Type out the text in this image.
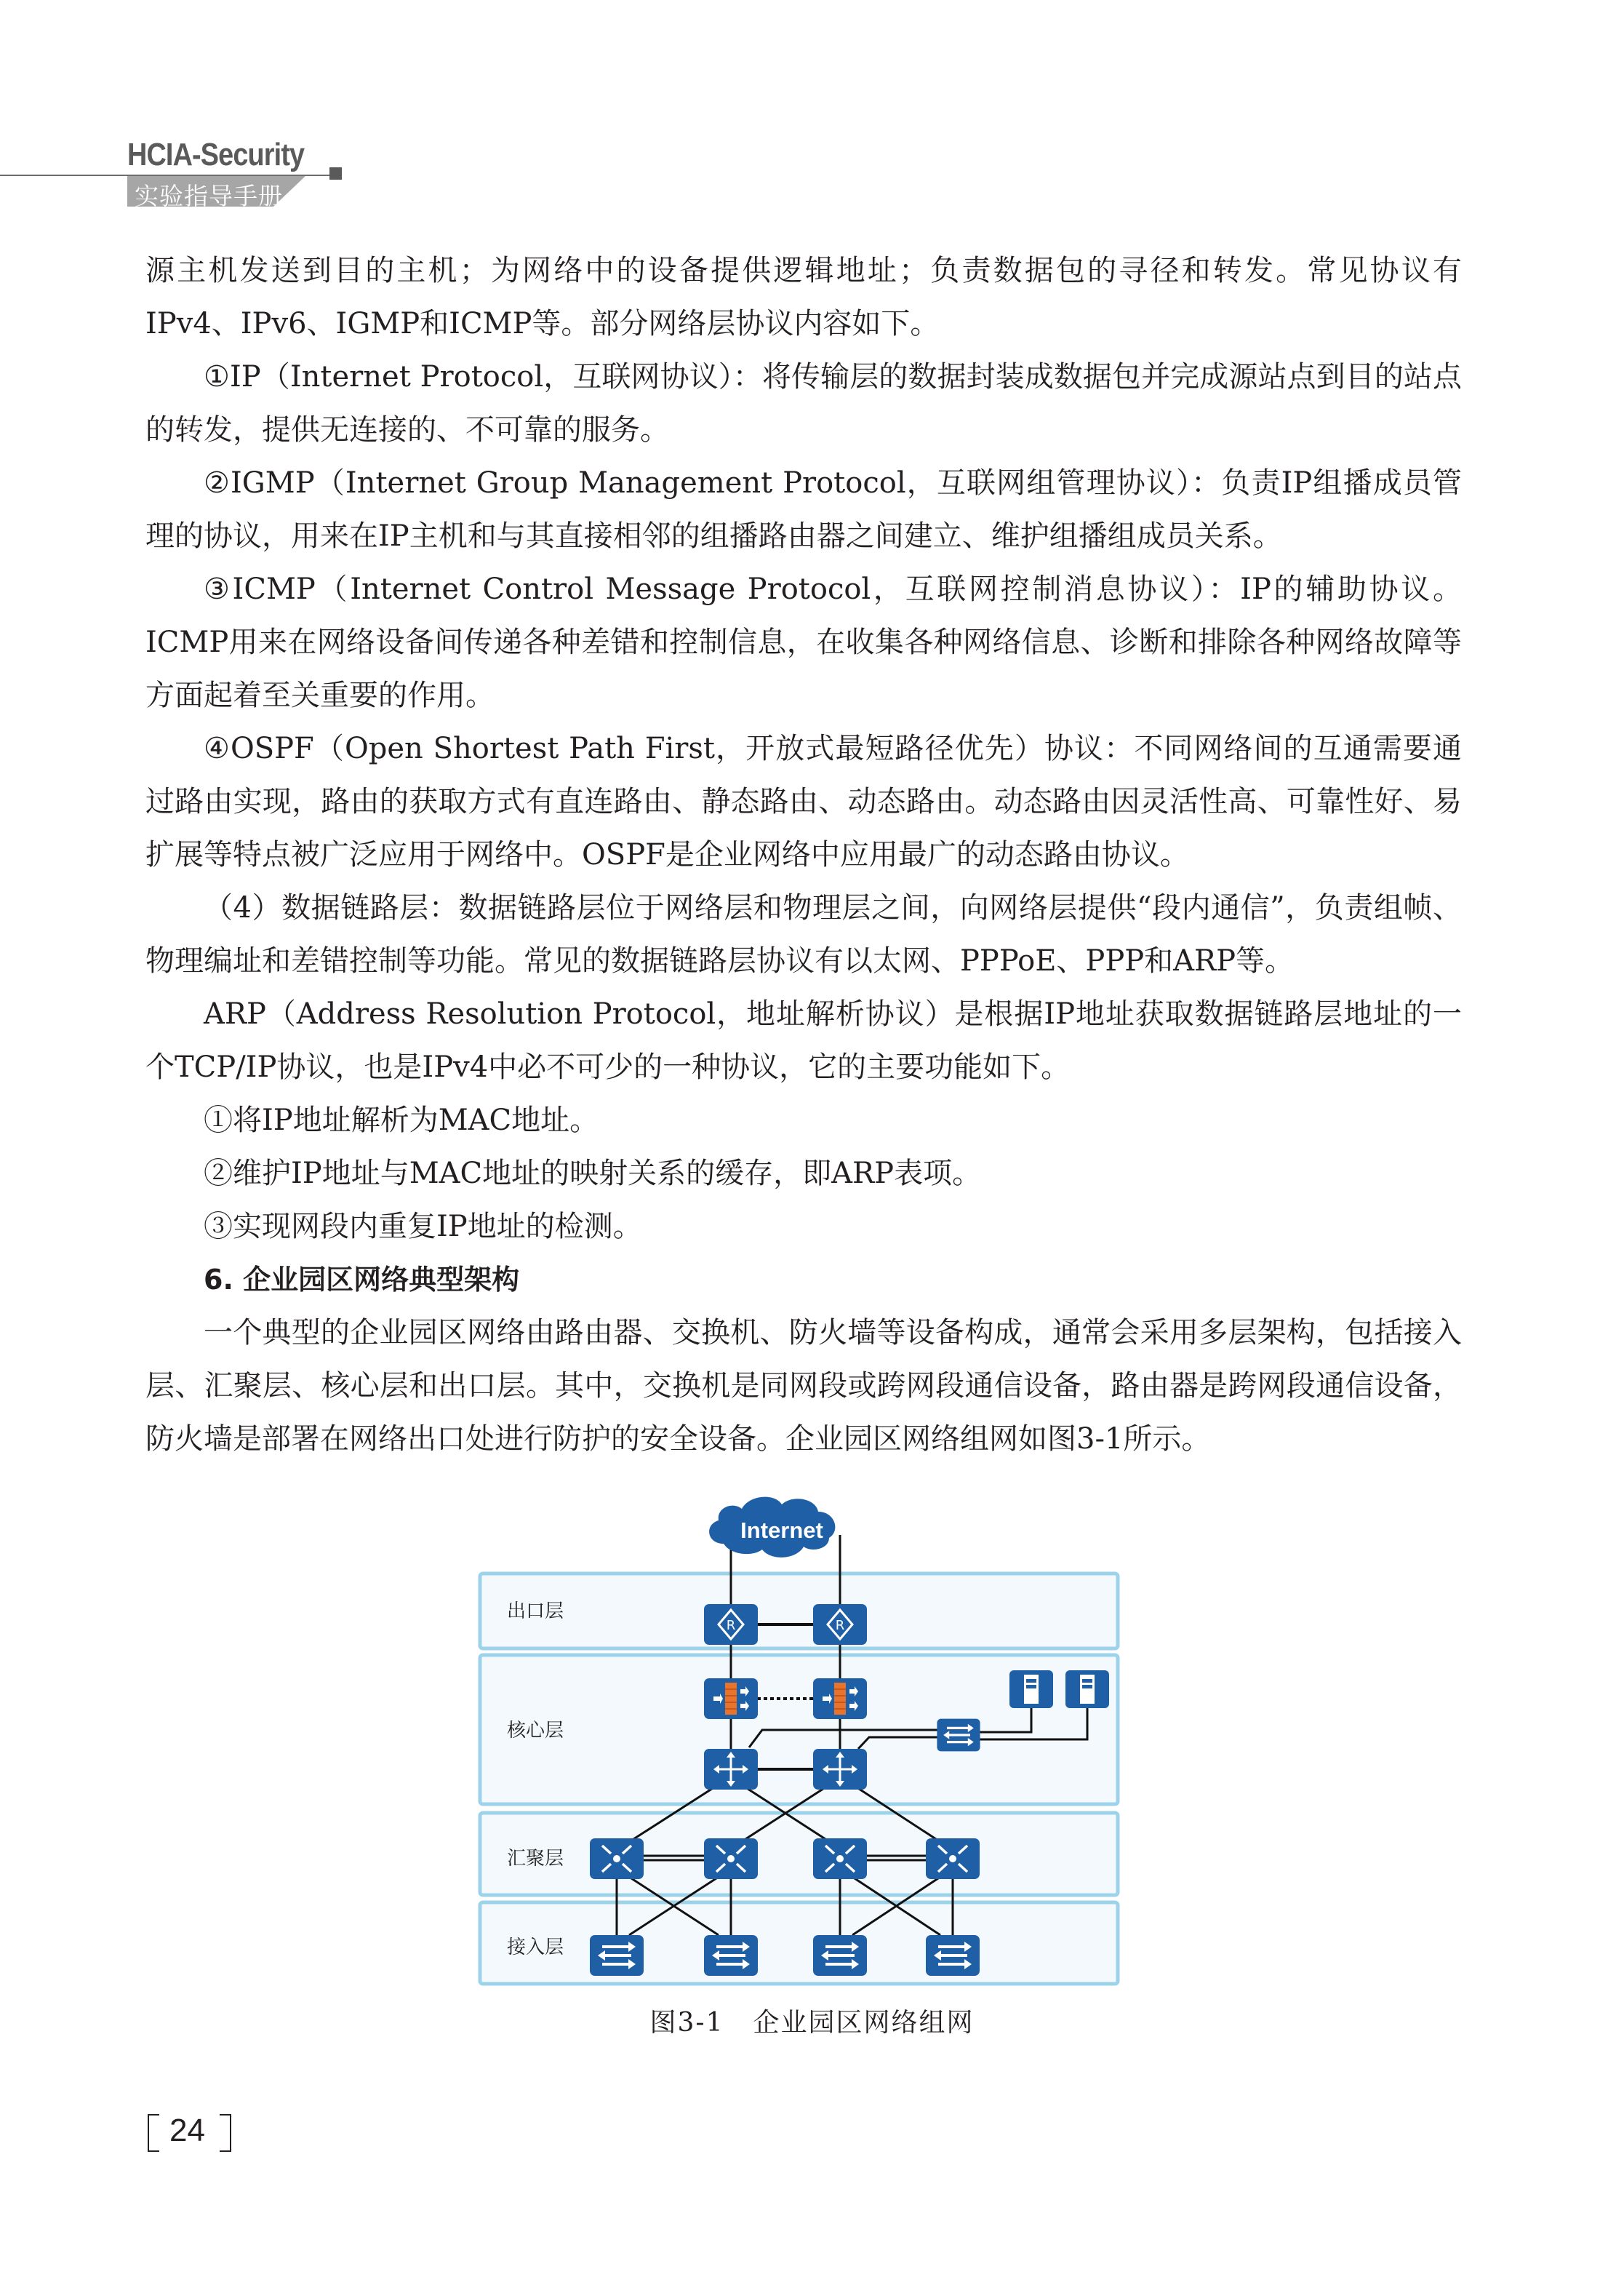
HCIA-Security
实验指导手册

源主机发送到目的主机；为网络中的设备提供逻辑地址；负责数据包的寻径和转发。常见协议有IPv4、IPv6、IGMP和ICMP等。部分网络层协议内容如下。

①IP（Internet Protocol，互联网协议）：将传输层的数据封装成数据包并完成源站点到目的站点的转发，提供无连接的、不可靠的服务。

②IGMP（Internet Group Management Protocol，互联网组管理协议）：负责IP组播成员管理的协议，用来在IP主机和与其直接相邻的组播路由器之间建立、维护组播组成员关系。

③ICMP（Internet Control Message Protocol，互联网控制消息协议）：IP的辅助协议。ICMP用来在网络设备间传递各种差错和控制信息，在收集各种网络信息、诊断和排除各种网络故障等方面起着至关重要的作用。

④OSPF（Open Shortest Path First，开放式最短路径优先）协议：不同网络间的互通需要通过路由实现，路由的获取方式有直连路由、静态路由、动态路由。动态路由因灵活性高、可靠性好、易扩展等特点被广泛应用于网络中。OSPF是企业网络中应用最广的动态路由协议。

（4）数据链路层：数据链路层位于网络层和物理层之间，向网络层提供“段内通信”，负责组帧、物理编址和差错控制等功能。常见的数据链路层协议有以太网、PPPoE、PPP和ARP等。

ARP（Address Resolution Protocol，地址解析协议）是根据IP地址获取数据链路层地址的一个TCP/IP协议，也是IPv4中必不可少的一种协议，它的主要功能如下。

①将IP地址解析为MAC地址。

②维护IP地址与MAC地址的映射关系的缓存，即ARP表项。

③实现网段内重复IP地址的检测。

6. 企业园区网络典型架构

一个典型的企业园区网络由路由器、交换机、防火墙等设备构成，通常会采用多层架构，包括接入层、汇聚层、核心层和出口层。其中，交换机是同网段或跨网段通信设备，路由器是跨网段通信设备，防火墙是部署在网络出口处进行防护的安全设备。企业园区网络组网如图3-1所示。

出口层
核心层
汇聚层
接入层
Internet
R	R
图3-1 企业园区网络组网
24
